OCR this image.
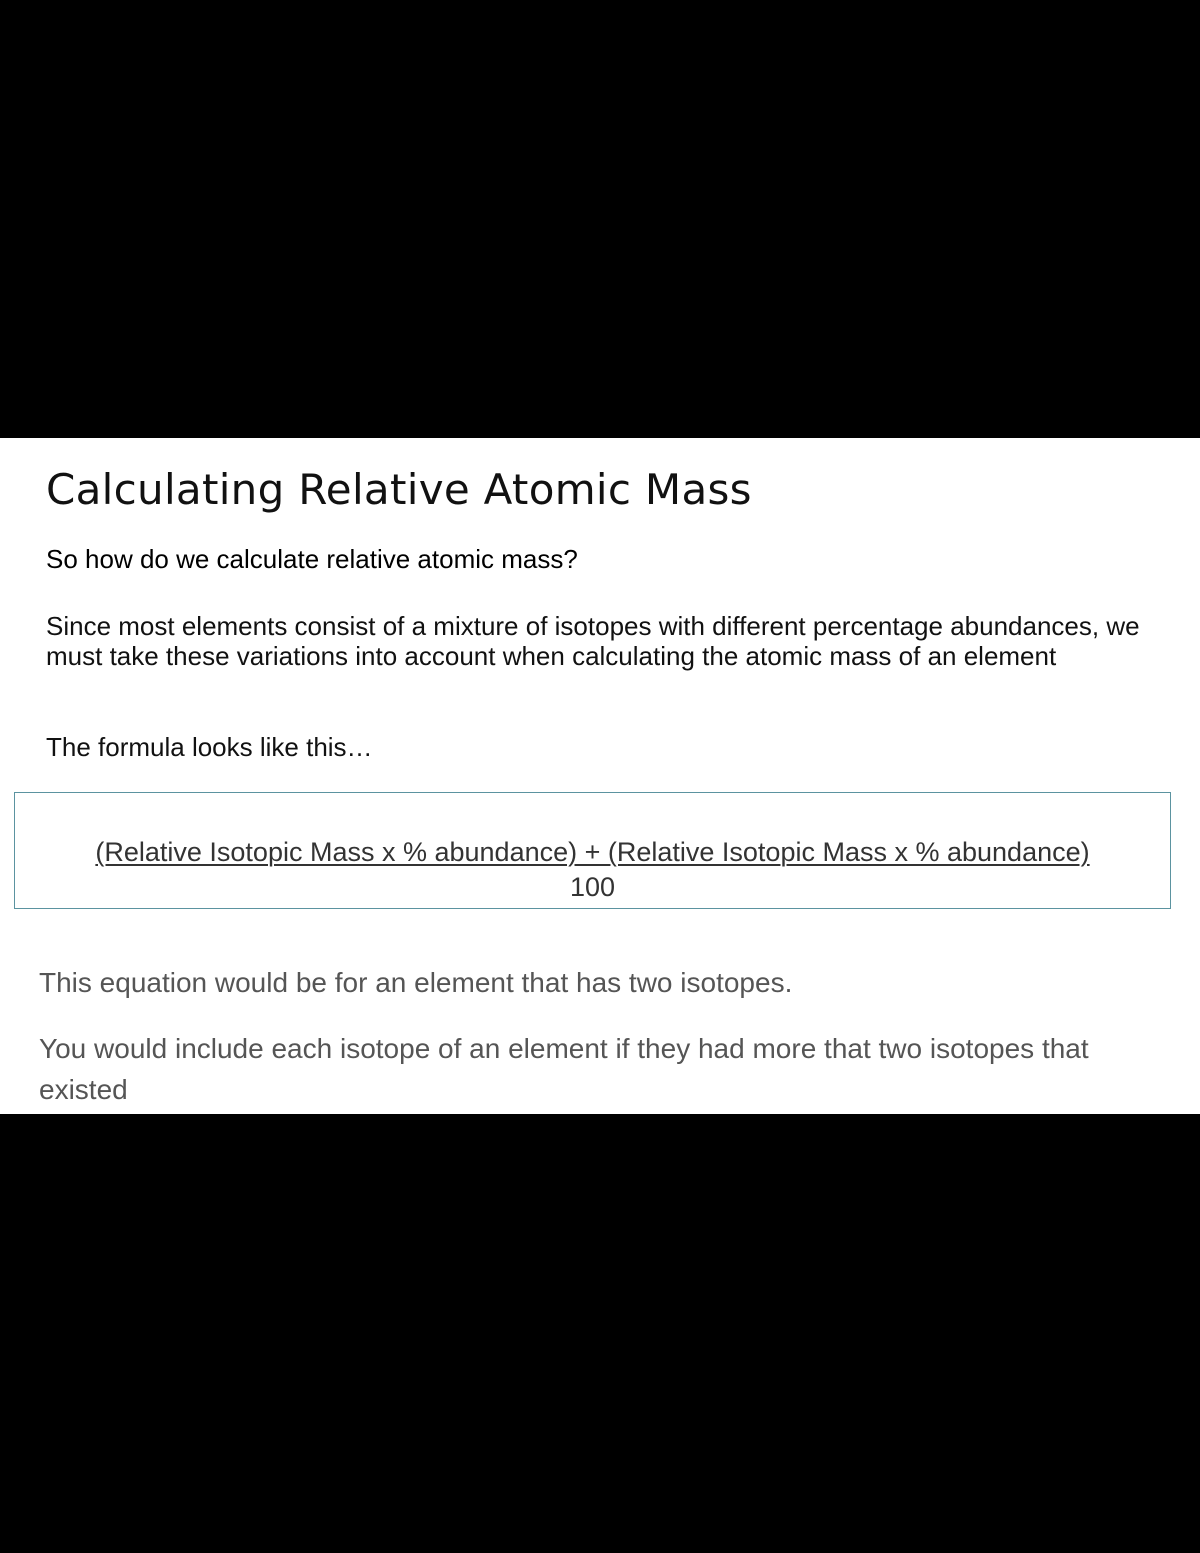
Calculating Relative Atomic Mass

So how do we calculate relative atomic mass?

Since most elements consist of a mixture of isotopes with different percentage abundances, we must take these variations into account when calculating the atomic mass of an element

The formula looks like this…

(Relative Isotopic Mass x % abundance) + (Relative Isotopic Mass x % abundance)
100

This equation would be for an element that has two isotopes.

You would include each isotope of an element if they had more that two isotopes that existed
